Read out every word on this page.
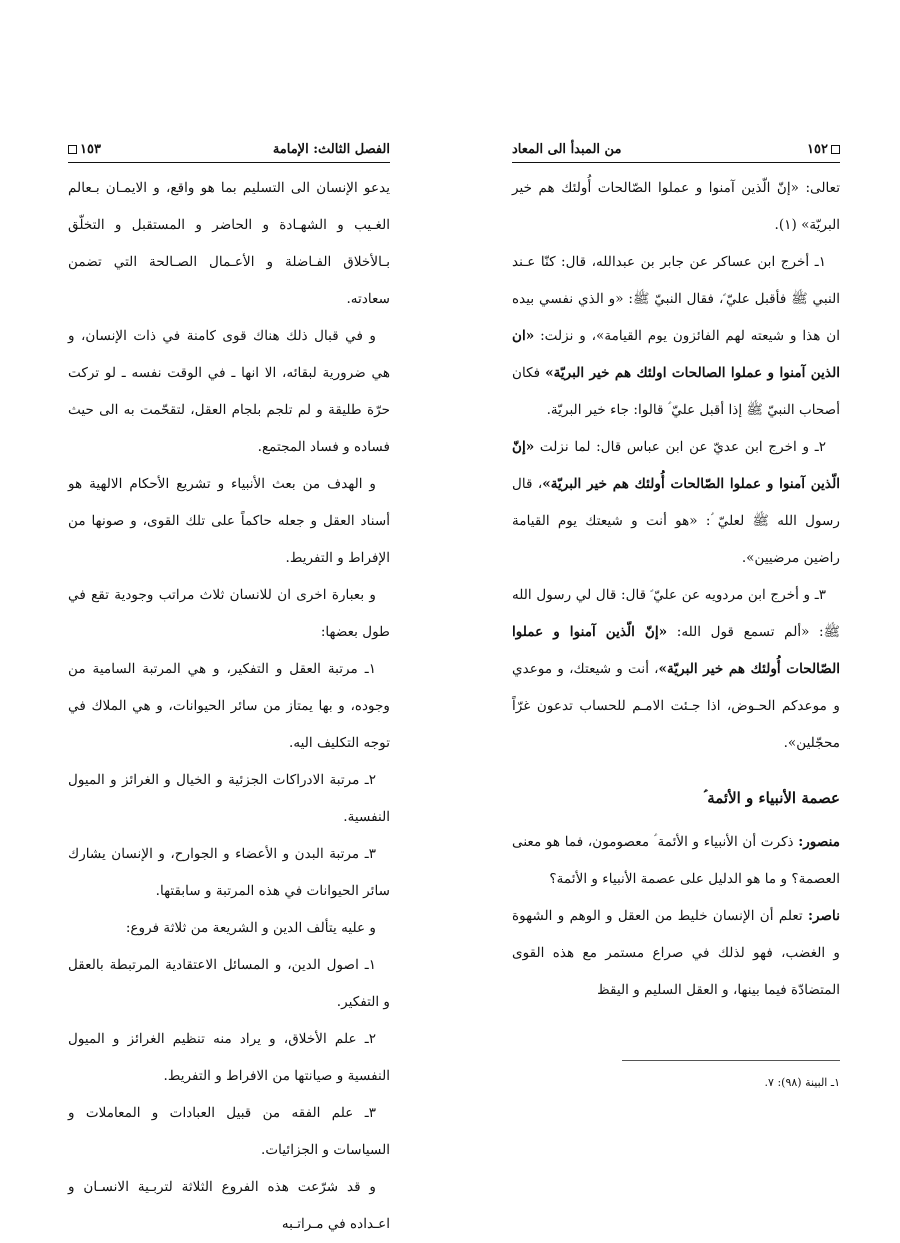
الفصل الثالث: الإمامة
١٥٣

يدعو الإنسان الى التسليم بما هو واقع، و الايمـان بـعالم الغـيب و الشهـادة و الحاضر و المستقبل و التخلّق بـالأخلاق الفـاضلة و الأعـمال الصـالحة التي تضمن سعادته.

و في قبال ذلك هناك قوى كامنة في ذات الإنسان، و هي ضرورية لبقائه، الا انها ـ في الوقت نفسه ـ لو تركت حرّة طليقة و لم تلجم بلجام العقل، لتقحّمت به الى حيث فساده و فساد المجتمع.

و الهدف من بعث الأنبياء و تشريع الأحكام الالهية هو أسناد العقل و جعله حاكماً على تلك القوى، و صونها من الإفراط و التفريط.

و بعبارة اخرى ان للانسان ثلاث مراتب وجودية تقع في طول بعضها:

١ـ مرتبة العقل و التفكير، و هي المرتبة السامية من وجوده، و بها يمتاز من سائر الحيوانات، و هي الملاك في توجه التكليف اليه.

٢ـ مرتبة الادراكات الجزئية و الخيال و الغرائز و الميول النفسية.

٣ـ مرتبة البدن و الأعضاء و الجوارح، و الإنسان يشارك سائر الحيوانات في هذه المرتبة و سابقتها.

و عليه يتألف الدين و الشريعة من ثلاثة فروع:

١ـ اصول الدين، و المسائل الاعتقادية المرتبطة بالعقل و التفكير.

٢ـ علم الأخلاق، و يراد منه تنظيم الغرائز و الميول النفسية و صيانتها من الافراط و التفريط.

٣ـ علم الفقه من قبيل العبادات و المعاملات و السياسات و الجزائيات.

و قد شرّعت هذه الفروع الثلاثة لتربـية الانسـان و اعـداده في مـراتـبه

١٥٢
من المبدأ الى المعاد

تعالى: «إنّ الّذين آمنوا و عملوا الصّالحات أُولئك هم خير البريّة» (١).

١ـ أخرج ابن عساكر عن جابر بن عبدالله، قال: كنّا عـند النبي ﷺ فأقبل عليّ ؑ، فقال النبيّ ﷺ: «و الذي نفسي بيده ان هذا و شيعته لهم الفائزون يوم القيامة»، و نزلت: «ان الذين آمنوا و عملوا الصالحات اولئك هم خير البريّة» فكان أصحاب النبيّ ﷺ إذا أقبل عليّ ؑ قالوا: جاء خير البريّة.

٢ـ و اخرج ابن عديّ عن ابن عباس قال: لما نزلت «إنّ الّذين آمنوا و عملوا الصّالحات أُولئك هم خير البريّة»، قال رسول الله ﷺ لعليّ ؑ: «هو أنت و شيعتك يوم القيامة راضين مرضيين».

٣ـ و أخرج ابن مردويه عن عليّ ؑ قال: قال لي رسول الله ﷺ: «ألم تسمع قول الله: «إنّ الّذين آمنوا و عملوا الصّالحات أُولئك هم خير البريّة»، أنت و شيعتك، و موعدي و موعدكم الحـوض، اذا جـئت الامـم للحساب تدعون غرّاً محجّلين».

عصمة الأنبياء و الأئمة ؑ

منصور: ذكرت أن الأنبياء و الأئمة ؑ معصومون، فما هو معنى العصمة؟ و ما هو الدليل على عصمة الأنبياء و الأئمة؟

ناصر: تعلم أن الإنسان خليط من العقل و الوهم و الشهوة و الغضب، فهو لذلك في صراع مستمر مع هذه القوى المتضادّة فيما بينها، و العقل السليم و اليقظ

١ـ البينة (٩٨): ٧.
